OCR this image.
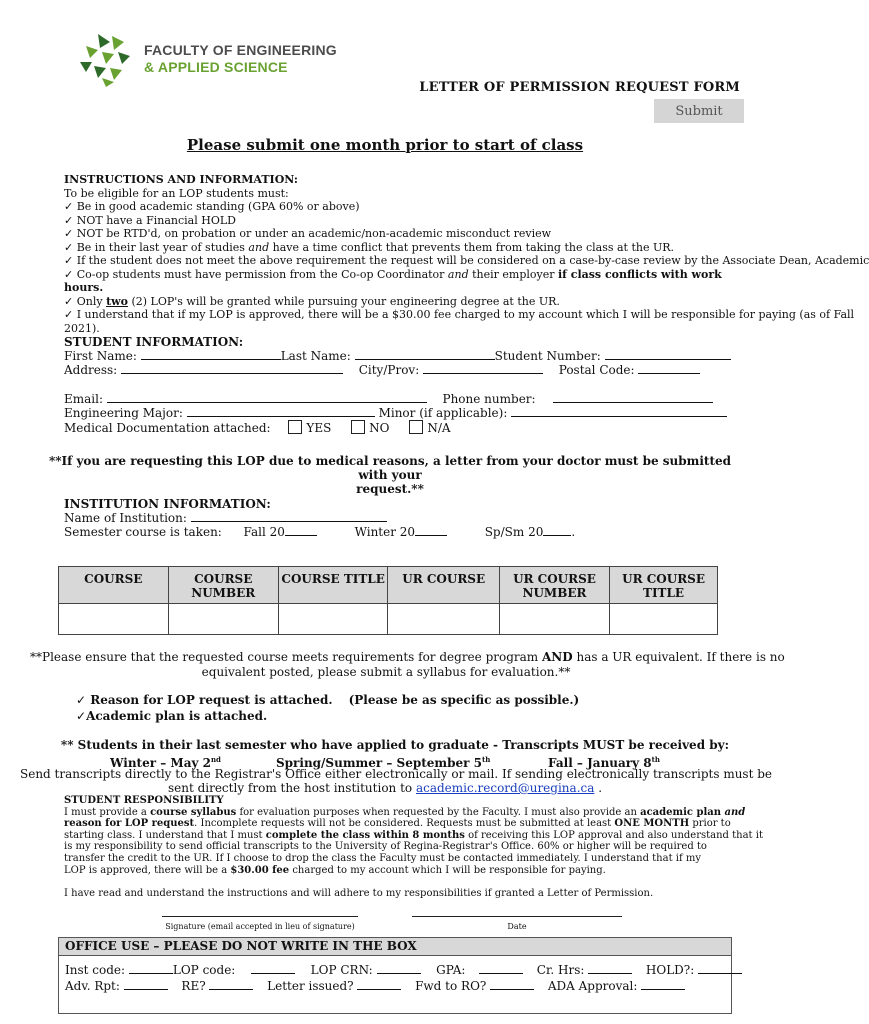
FACULTY OF ENGINEERING
& APPLIED SCIENCE
LETTER OF PERMISSION REQUEST FORM
Submit
Please submit one month prior to start of class
INSTRUCTIONS AND INFORMATION:
To be eligible for an LOP students must:
✓ Be in good academic standing (GPA 60% or above)
✓ NOT have a Financial HOLD
✓ NOT be RTD'd, on probation or under an academic/non-academic misconduct review
✓ Be in their last year of studies and have a time conflict that prevents them from taking the class at the UR.
✓ If the student does not meet the above requirement the request will be considered on a case-by-case review by the Associate Dean, Academic
✓ Co-op students must have permission from the Co-op Coordinator and their employer if class conflicts with work hours.
✓ Only two (2) LOP's will be granted while pursuing your engineering degree at the UR.
✓ I understand that if my LOP is approved, there will be a $30.00 fee charged to my account which I will be responsible for paying (as of Fall
2021).
STUDENT INFORMATION:
First Name:	Last Name:	Student Number:
Address:	City/Prov:	Postal Code:
Email:	Phone number:
Engineering Major:	Minor (if applicable):
Medical Documentation attached:	YES	NO	N/A
**If you are requesting this LOP due to medical reasons, a letter from your doctor must be submitted with your
request.**
INSTITUTION INFORMATION:
Name of Institution:
Semester course is taken: Fall 20	Winter 20	Sp/Sm 20 .
COURSE	COURSE NUMBER	COURSE TITLE	UR COURSE	UR COURSE NUMBER	UR COURSE TITLE

**Please ensure that the requested course meets requirements for degree program AND has a UR equivalent. If there is no
equivalent posted, please submit a syllabus for evaluation.**
✓ Reason for LOP request is attached. (Please be as specific as possible.)
✓Academic plan is attached.
** Students in their last semester who have applied to graduate - Transcripts MUST be received by:
Winter – May 2nd	Spring/Summer – September 5th	Fall – January 8th
Send transcripts directly to the Registrar's Office either electronically or mail. If sending electronically transcripts must be
sent directly from the host institution to academic.record@uregina.ca .
STUDENT RESPONSIBILITY
I must provide a course syllabus for evaluation purposes when requested by the Faculty. I must also provide an academic plan and
reason for LOP request. Incomplete requests will not be considered. Requests must be submitted at least ONE MONTH prior to
starting class. I understand that I must complete the class within 8 months of receiving this LOP approval and also understand that it
is my responsibility to send official transcripts to the University of Regina-Registrar's Office. 60% or higher will be required to
transfer the credit to the UR. If I choose to drop the class the Faculty must be contacted immediately. I understand that if my
LOP is approved, there will be a $30.00 fee charged to my account which I will be responsible for paying.
I have read and understand the instructions and will adhere to my responsibilities if granted a Letter of Permission.
Signature (email accepted in lieu of signature)	Date
OFFICE USE – PLEASE DO NOT WRITE IN THE BOX
Inst code:	LOP code:	LOP CRN:	GPA:	Cr. Hrs:	HOLD?:
Adv. Rpt:	RE?	Letter issued?	Fwd to RO?	ADA Approval:
